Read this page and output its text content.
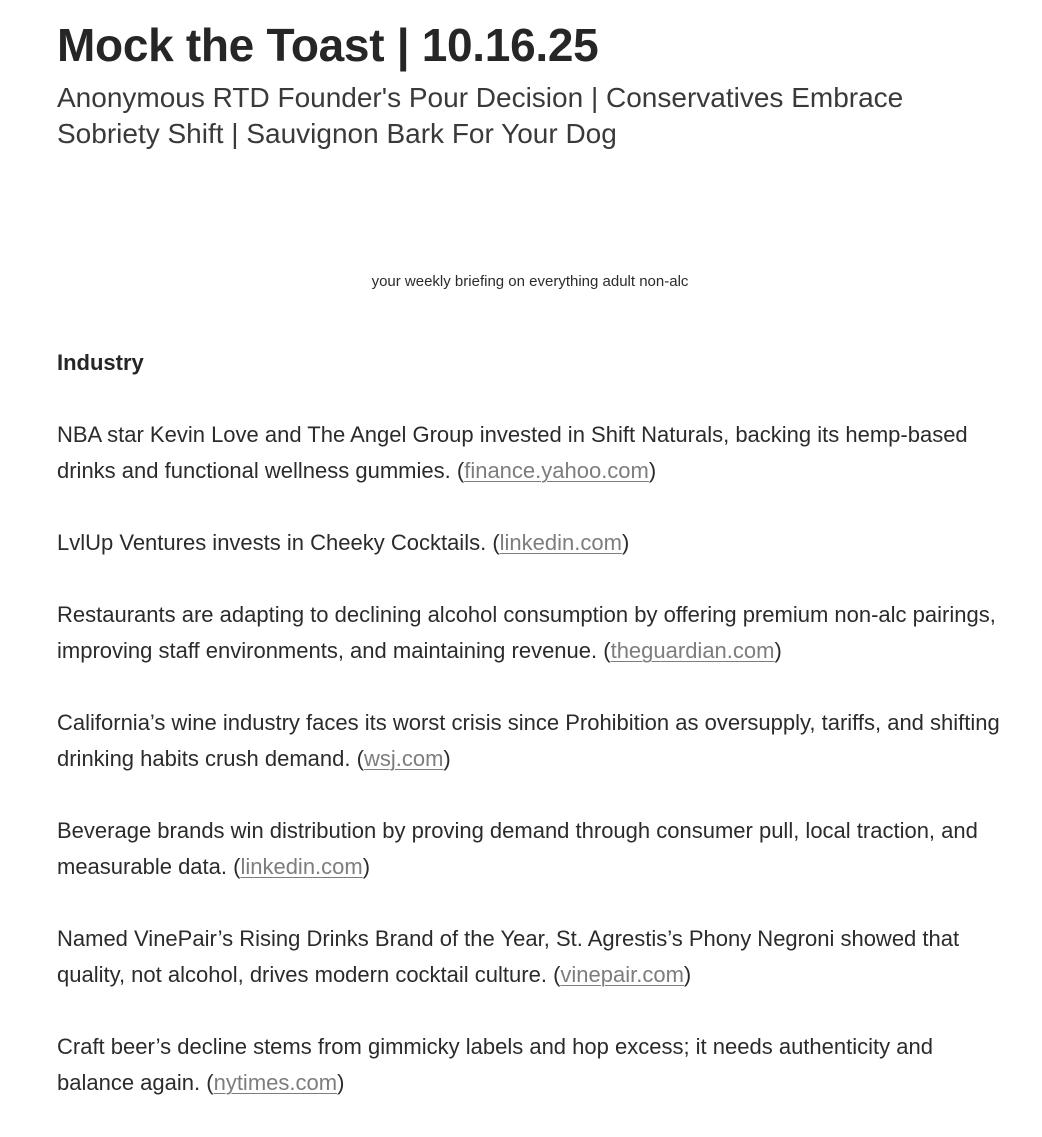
Mock the Toast | 10.16.25
Anonymous RTD Founder's Pour Decision | Conservatives Embrace Sobriety Shift | Sauvignon Bark For Your Dog
your weekly briefing on everything adult non-alc
Industry
NBA star Kevin Love and The Angel Group invested in Shift Naturals, backing its hemp-based drinks and functional wellness gummies. (finance.yahoo.com)
LvlUp Ventures invests in Cheeky Cocktails. (linkedin.com)
Restaurants are adapting to declining alcohol consumption by offering premium non-alc pairings, improving staff environments, and maintaining revenue. (theguardian.com)
California’s wine industry faces its worst crisis since Prohibition as oversupply, tariffs, and shifting drinking habits crush demand. (wsj.com)
Beverage brands win distribution by proving demand through consumer pull, local traction, and measurable data. (linkedin.com)
Named VinePair’s Rising Drinks Brand of the Year, St. Agrestis’s Phony Negroni showed that quality, not alcohol, drives modern cocktail culture. (vinepair.com)
Craft beer’s decline stems from gimmicky labels and hop excess; it needs authenticity and balance again. (nytimes.com)
